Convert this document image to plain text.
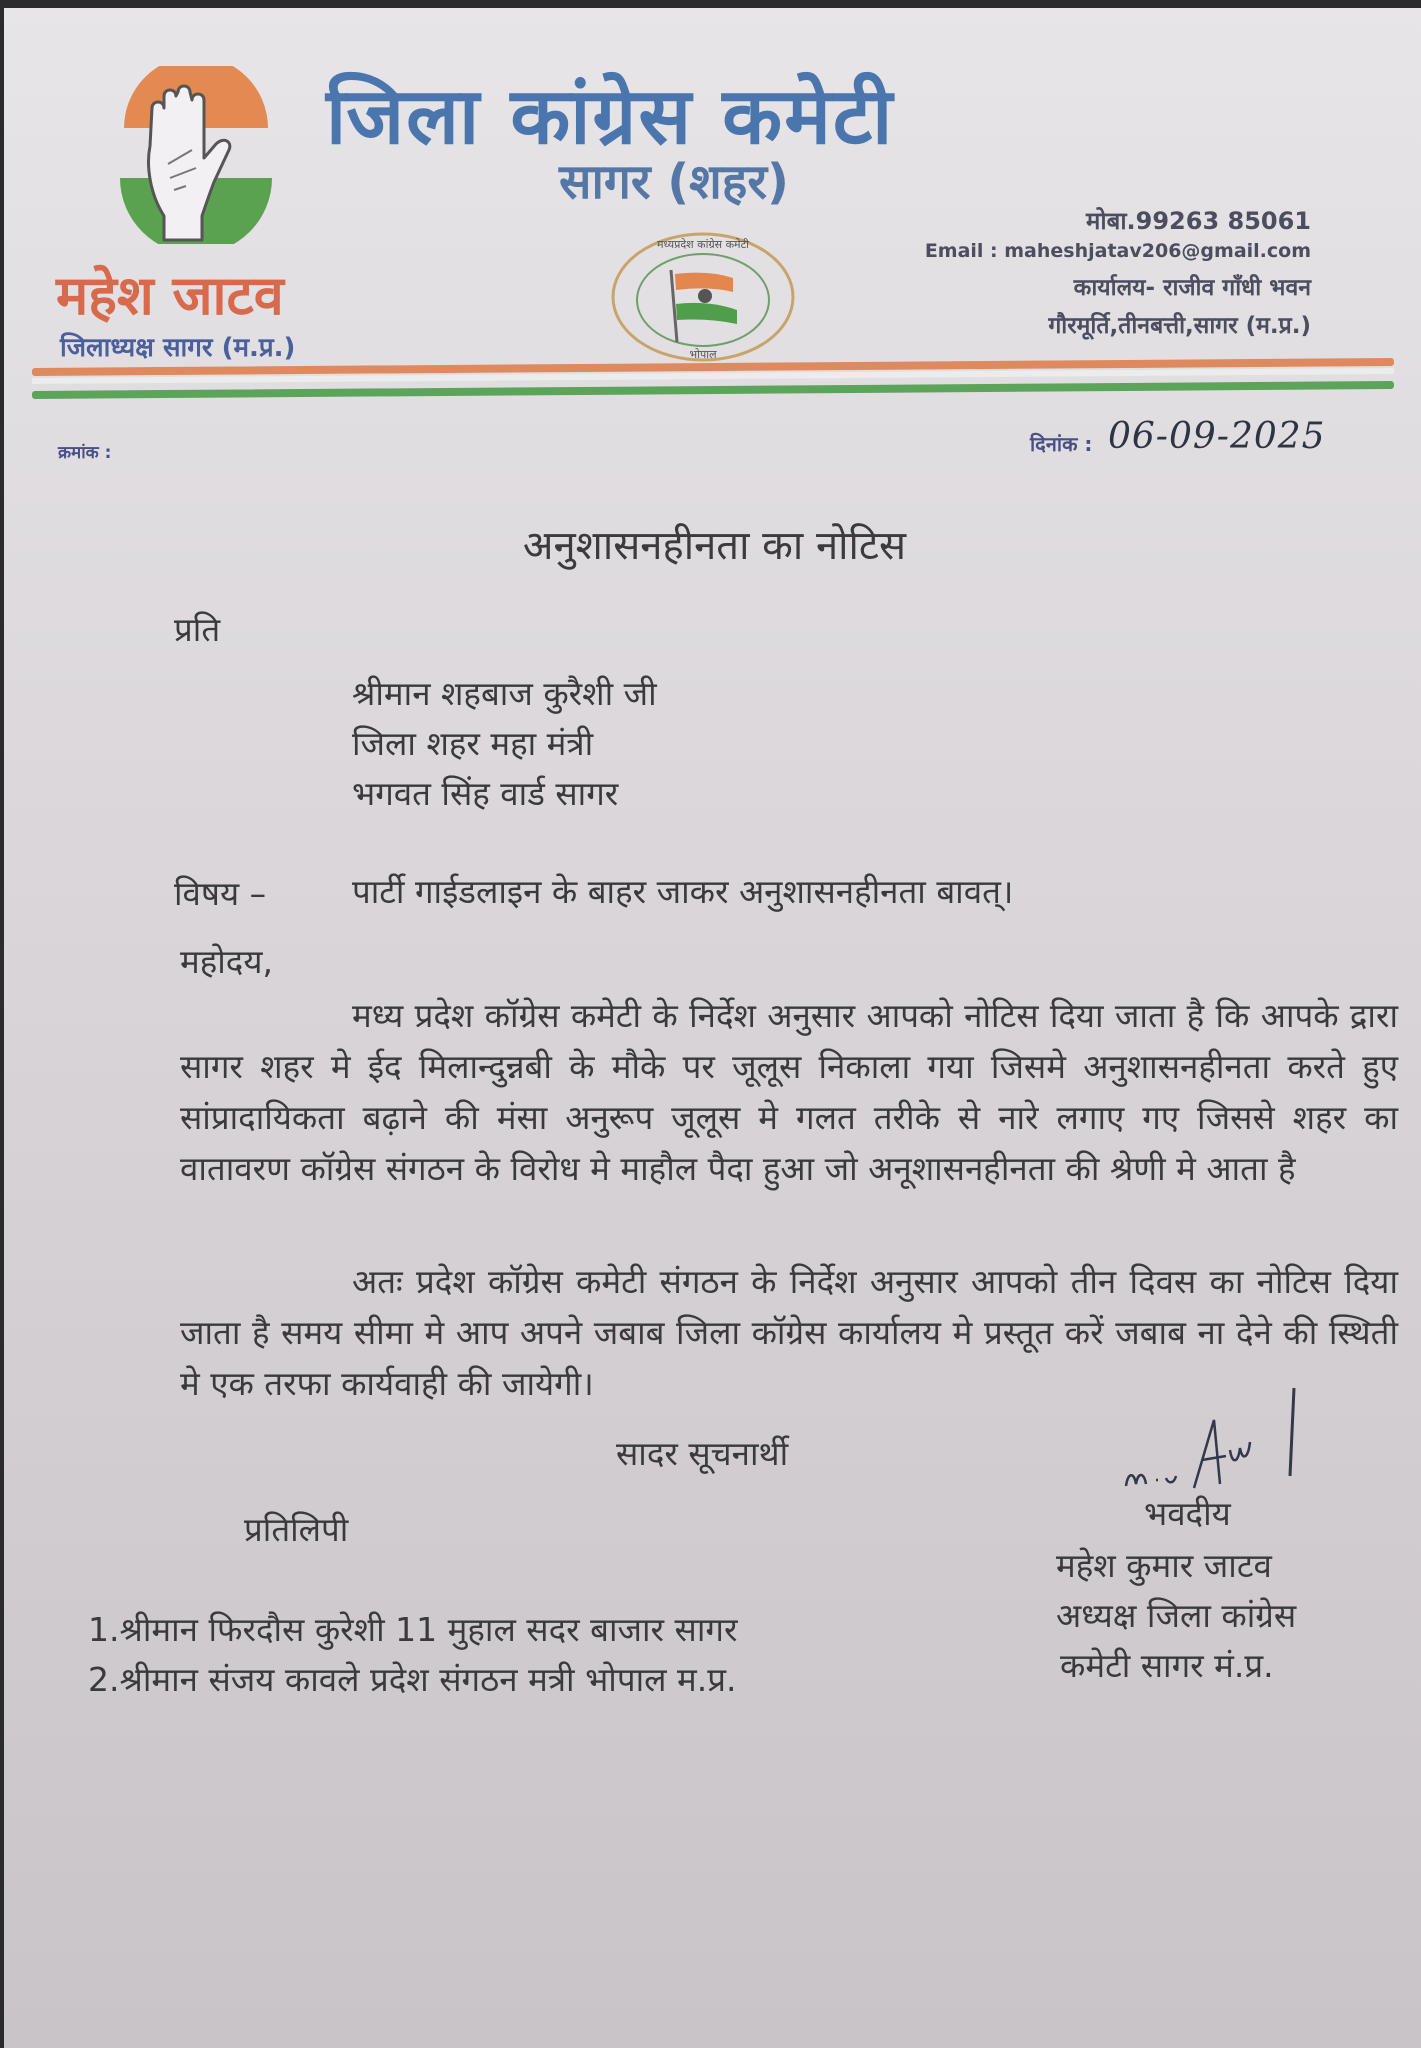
जिला कांग्रेस कमेटी
सागर (शहर)
महेश जाटव
जिलाध्यक्ष सागर (म.प्र.)
मध्यप्रदेश कांग्रेस कमेटी
भोपाल
मोबा.99263 85061
Email : maheshjatav206@gmail.com
कार्यालय- राजीव गाँधी भवन
गौरमूर्ति,तीनबत्ती,सागर (म.प्र.)
क्रमांक :	दिनांक : 06-09-2025
अनुशासनहीनता का नोटिस
प्रति
श्रीमान शहबाज कुरैशी जी
जिला शहर महा मंत्री
भगवत सिंह वार्ड सागर
विषय –	पार्टी गाईडलाइन के बाहर जाकर अनुशासनहीनता बावत्।
महोदय,
मध्य प्रदेश कॉग्रेस कमेटी के निर्देश अनुसार आपको नोटिस दिया जाता है कि आपके द्रारा सागर शहर मे ईद मिलान्दुन्नबी के मौके पर जूलूस निकाला गया जिसमे अनुशासनहीनता करते हुए सांप्रादायिकता बढ़ाने की मंसा अनुरूप जूलूस मे गलत तरीके से नारे लगाए गए जिससे शहर का वातावरण कॉग्रेस संगठन के विरोध मे माहौल पैदा हुआ जो अनूशासनहीनता की श्रेणी मे आता है
अतः प्रदेश कॉग्रेस कमेटी संगठन के निर्देश अनुसार आपको तीन दिवस का नोटिस दिया जाता है समय सीमा मे आप अपने जबाब जिला कॉग्रेस कार्यालय मे प्रस्तूत करें जबाब ना देने की स्थिती मे एक तरफा कार्यवाही की जायेगी।
सादर सूचनार्थी
प्रतिलिपी
1.श्रीमान फिरदौस कुरेशी 11 मुहाल सदर बाजार सागर
2.श्रीमान संजय कावले प्रदेश संगठन मत्री भोपाल म.प्र.
भवदीय
महेश कुमार जाटव
अध्यक्ष जिला कांग्रेस
कमेटी सागर मं.प्र.
